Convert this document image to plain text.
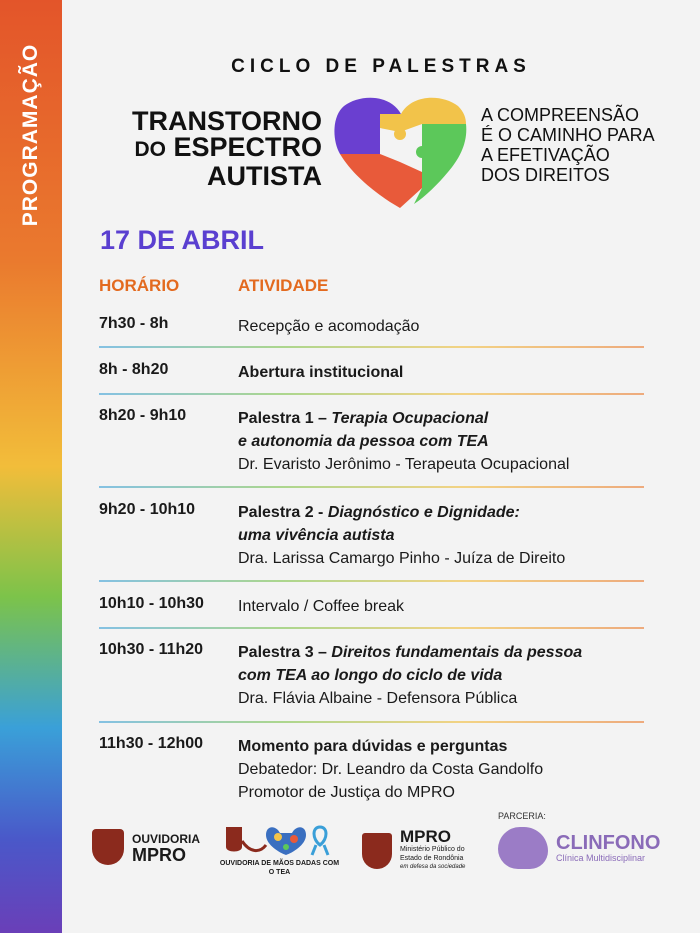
PROGRAMAÇÃO	CICLO DE PALESTRAS
TRANSTORNO
DO ESPECTRO
AUTISTA
A COMPREENSÃO
É O CAMINHO PARA
A EFETIVAÇÃO
DOS DIREITOS
17 DE ABRIL
HORÁRIO	ATIVIDADE
7h30 - 8h	Recepção e acomodação
8h - 8h20	Abertura institucional
8h20 - 9h10	Palestra 1 – Terapia Ocupacional
e autonomia da pessoa com TEA
Dr. Evaristo Jerônimo - Terapeuta Ocupacional
9h20 - 10h10	Palestra 2 - Diagnóstico e Dignidade:
uma vivência autista
Dra. Larissa Camargo Pinho - Juíza de Direito
10h10 - 10h30 Intervalo / Coffee break
10h30 - 11h20 Palestra 3 – Direitos fundamentais da pessoa
com TEA ao longo do ciclo de vida
Dra. Flávia Albaine - Defensora Pública
11h30 - 12h00 Momento para dúvidas e perguntas
Debatedor: Dr. Leandro da Costa Gandolfo
Promotor de Justiça do MPRO
OUVIDORIA
MPRO	OUVIDORIA DE MÃOS DADAS COM O TEA
MPRO
Ministério Público do Estado de Rondônia
em defesa da sociedade
PARCERIA:
CLINFONO
Clínica Multidisciplinar
